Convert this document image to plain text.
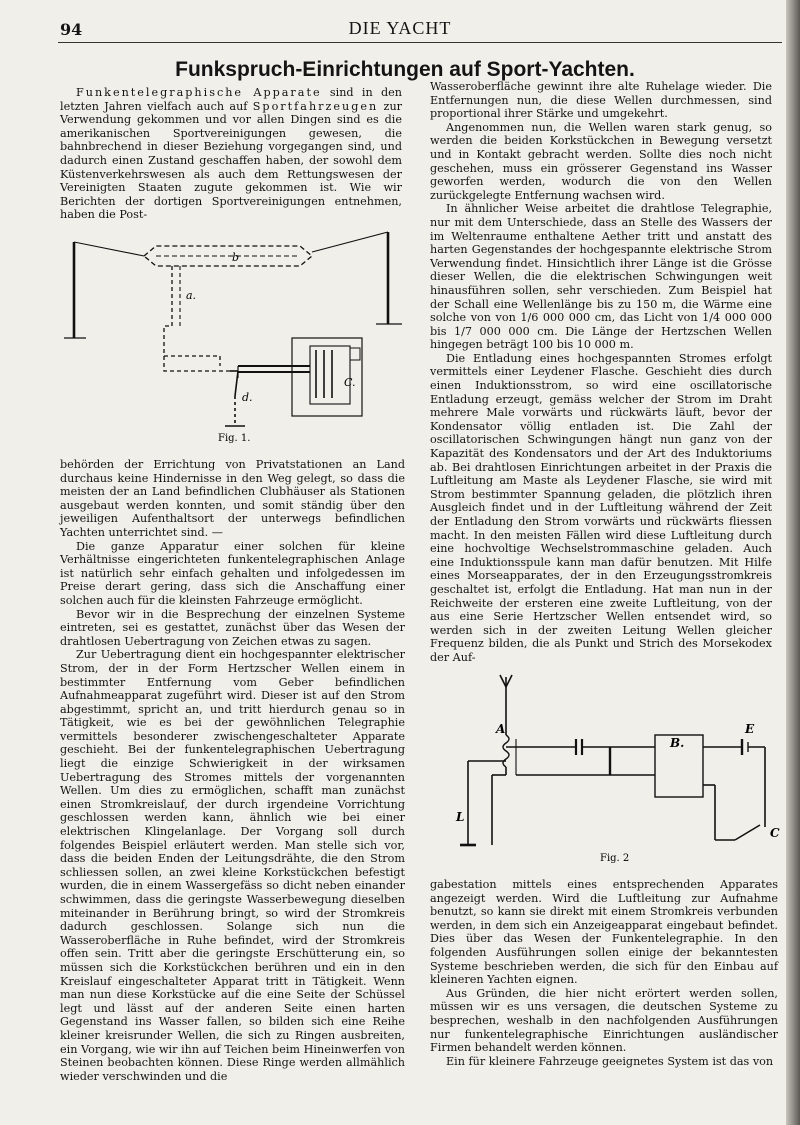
94	DIE YACHT
Funkspruch-Einrichtungen auf Sport-Yachten.

Funkentelegraphische Apparate sind in den letzten Jahren vielfach auch auf Sportfahrzeugen zur Verwendung gekommen und vor allen Dingen sind es die amerikanischen Sportvereinigungen gewesen, die bahnbrechend in dieser Beziehung vorgegangen sind, und dadurch einen Zustand geschaffen haben, der sowohl dem Küstenverkehrswesen als auch dem Rettungswesen der Vereinigten Staaten zugute gekommen ist. Wie wir Berichten der dortigen Sportvereinigungen entnehmen, haben die Post-

a.
b
C.
d.
Fig. 1.

behörden der Errichtung von Privatstationen an Land durchaus keine Hindernisse in den Weg gelegt, so dass die meisten der an Land befindlichen Clubhäuser als Stationen ausgebaut werden konnten, und somit ständig über den jeweiligen Aufenthaltsort der unterwegs befindlichen Yachten unterrichtet sind. —

Die ganze Apparatur einer solchen für kleine Verhältnisse eingerichteten funkentelegraphischen Anlage ist natürlich sehr einfach gehalten und infolgedessen im Preise derart gering, dass sich die Anschaffung einer solchen auch für die kleinsten Fahrzeuge ermöglicht.

Bevor wir in die Besprechung der einzelnen Systeme eintreten, sei es gestattet, zunächst über das Wesen der drahtlosen Uebertragung von Zeichen etwas zu sagen.

Zur Uebertragung dient ein hochgespannter elektrischer Strom, der in der Form Hertzscher Wellen einem in bestimmter Entfernung vom Geber befindlichen Aufnahmeapparat zugeführt wird. Dieser ist auf den Strom abgestimmt, spricht an, und tritt hierdurch genau so in Tätigkeit, wie es bei der gewöhnlichen Telegraphie vermittels besonderer zwischengeschalteter Apparate geschieht. Bei der funkentelegraphischen Uebertragung liegt die einzige Schwierigkeit in der wirksamen Uebertragung des Stromes mittels der vorgenannten Wellen. Um dies zu ermöglichen, schafft man zunächst einen Stromkreislauf, der durch irgendeine Vorrichtung geschlossen werden kann, ähnlich wie bei einer elektrischen Klingelanlage. Der Vorgang soll durch folgendes Beispiel erläutert werden. Man stelle sich vor, dass die beiden Enden der Leitungsdrähte, die den Strom schliessen sollen, an zwei kleine Korkstückchen befestigt wurden, die in einem Wassergefäss so dicht neben einander schwimmen, dass die geringste Wasserbewegung dieselben miteinander in Berührung bringt, so wird der Stromkreis dadurch geschlossen. Solange sich nun die Wasseroberfläche in Ruhe befindet, wird der Stromkreis offen sein. Tritt aber die geringste Erschütterung ein, so müssen sich die Korkstückchen berühren und ein in den Kreislauf eingeschalteter Apparat tritt in Tätigkeit. Wenn man nun diese Korkstücke auf die eine Seite der Schüssel legt und lässt auf der anderen Seite einen harten Gegenstand ins Wasser fallen, so bilden sich eine Reihe kleiner kreisrunder Wellen, die sich zu Ringen ausbreiten, ein Vorgang, wie wir ihn auf Teichen beim Hineinwerfen von Steinen beobachten können. Diese Ringe werden allmählich wieder verschwinden und die

Wasseroberfläche gewinnt ihre alte Ruhelage wieder. Die Entfernungen nun, die diese Wellen durchmessen, sind proportional ihrer Stärke und umgekehrt.

Angenommen nun, die Wellen waren stark genug, so werden die beiden Korkstückchen in Bewegung versetzt und in Kontakt gebracht werden. Sollte dies noch nicht geschehen, muss ein grösserer Gegenstand ins Wasser geworfen werden, wodurch die von den Wellen zurückgelegte Entfernung wachsen wird.

In ähnlicher Weise arbeitet die drahtlose Telegraphie, nur mit dem Unterschiede, dass an Stelle des Wassers der im Weltenraume enthaltene Aether tritt und anstatt des harten Gegenstandes der hochgespannte elektrische Strom Verwendung findet. Hinsichtlich ihrer Länge ist die Grösse dieser Wellen, die die elektrischen Schwingungen weit hinausführen sollen, sehr verschieden. Zum Beispiel hat der Schall eine Wellenlänge bis zu 150 m, die Wärme eine solche von von 1/6 000 000 cm, das Licht von 1/4 000 000 bis 1/7 000 000 cm. Die Länge der Hertzschen Wellen hingegen beträgt 100 bis 10 000 m.

Die Entladung eines hochgespannten Stromes erfolgt vermittels einer Leydener Flasche. Geschieht dies durch einen Induktionsstrom, so wird eine oscillatorische Entladung erzeugt, gemäss welcher der Strom im Draht mehrere Male vorwärts und rückwärts läuft, bevor der Kondensator völlig entladen ist. Die Zahl der oscillatorischen Schwingungen hängt nun ganz von der Kapazität des Kondensators und der Art des Induktoriums ab. Bei drahtlosen Einrichtungen arbeitet in der Praxis die Luftleitung am Maste als Leydener Flasche, sie wird mit Strom bestimmter Spannung geladen, die plötzlich ihren Ausgleich findet und in der Luftleitung während der Zeit der Entladung den Strom vorwärts und rückwärts fliessen macht. In den meisten Fällen wird diese Luftleitung durch eine hochvoltige Wechselstrommaschine geladen. Auch eine Induktionsspule kann man dafür benutzen. Mit Hilfe eines Morseapparates, der in den Erzeugungsstromkreis geschaltet ist, erfolgt die Entladung. Hat man nun in der Reichweite der ersteren eine zweite Luftleitung, von der aus eine Serie Hertzscher Wellen entsendet wird, so werden sich in der zweiten Leitung Wellen gleicher Frequenz bilden, die als Punkt und Strich des Morsekodex der Auf-

A
B.
E
C
L
Fig. 2

gabestation mittels eines entsprechenden Apparates angezeigt werden. Wird die Luftleitung zur Aufnahme benutzt, so kann sie direkt mit einem Stromkreis verbunden werden, in dem sich ein Anzeigeapparat eingebaut befindet. Dies über das Wesen der Funkentelegraphie. In den folgenden Ausführungen sollen einige der bekanntesten Systeme beschrieben werden, die sich für den Einbau auf kleineren Yachten eignen.

Aus Gründen, die hier nicht erörtert werden sollen, müssen wir es uns versagen, die deutschen Systeme zu besprechen, weshalb in den nachfolgenden Ausführungen nur funkentelegraphische Einrichtungen ausländischer Firmen behandelt werden können.

Ein für kleinere Fahrzeuge geeignetes System ist das von
